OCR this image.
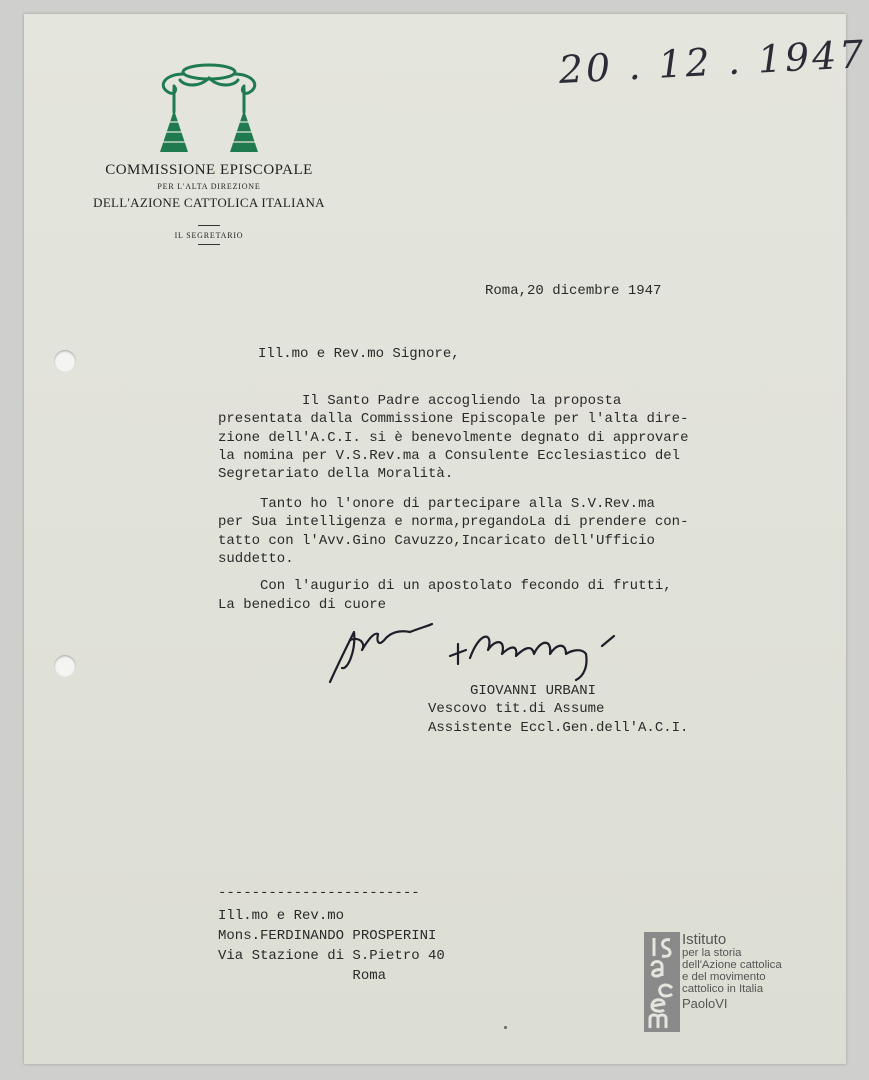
COMMISSIONE EPISCOPALE
PER L'ALTA DIREZIONE
DELL'AZIONE CATTOLICA ITALIANA
IL SEGRETARIO
20 . 12 . 1947
Roma,20 dicembre 1947
Ill.mo e Rev.mo Signore,
Il Santo Padre accogliendo la proposta
presentata dalla Commissione Episcopale per l'alta dire-
zione dell'A.C.I. si è benevolmente degnato di approvare
la nomina per V.S.Rev.ma a Consulente Ecclesiastico del
Segretariato della Moralità.
Tanto ho l'onore di partecipare alla S.V.Rev.ma
per Sua intelligenza e norma,pregandoLa di prendere con-
tatto con l'Avv.Gino Cavuzzo,Incaricato dell'Ufficio
suddetto.
Con l'augurio di un apostolato fecondo di frutti,
La benedico di cuore
GIOVANNI URBANI
Vescovo tit.di Assume
Assistente Eccl.Gen.dell'A.C.I.
------------------------
Ill.mo e Rev.mo
Mons.FERDINANDO PROSPERINI
Via Stazione di S.Pietro 40
Roma
Istituto
per la storia
dell'Azione cattolica
e del movimento
cattolico in Italia
PaoloVI
